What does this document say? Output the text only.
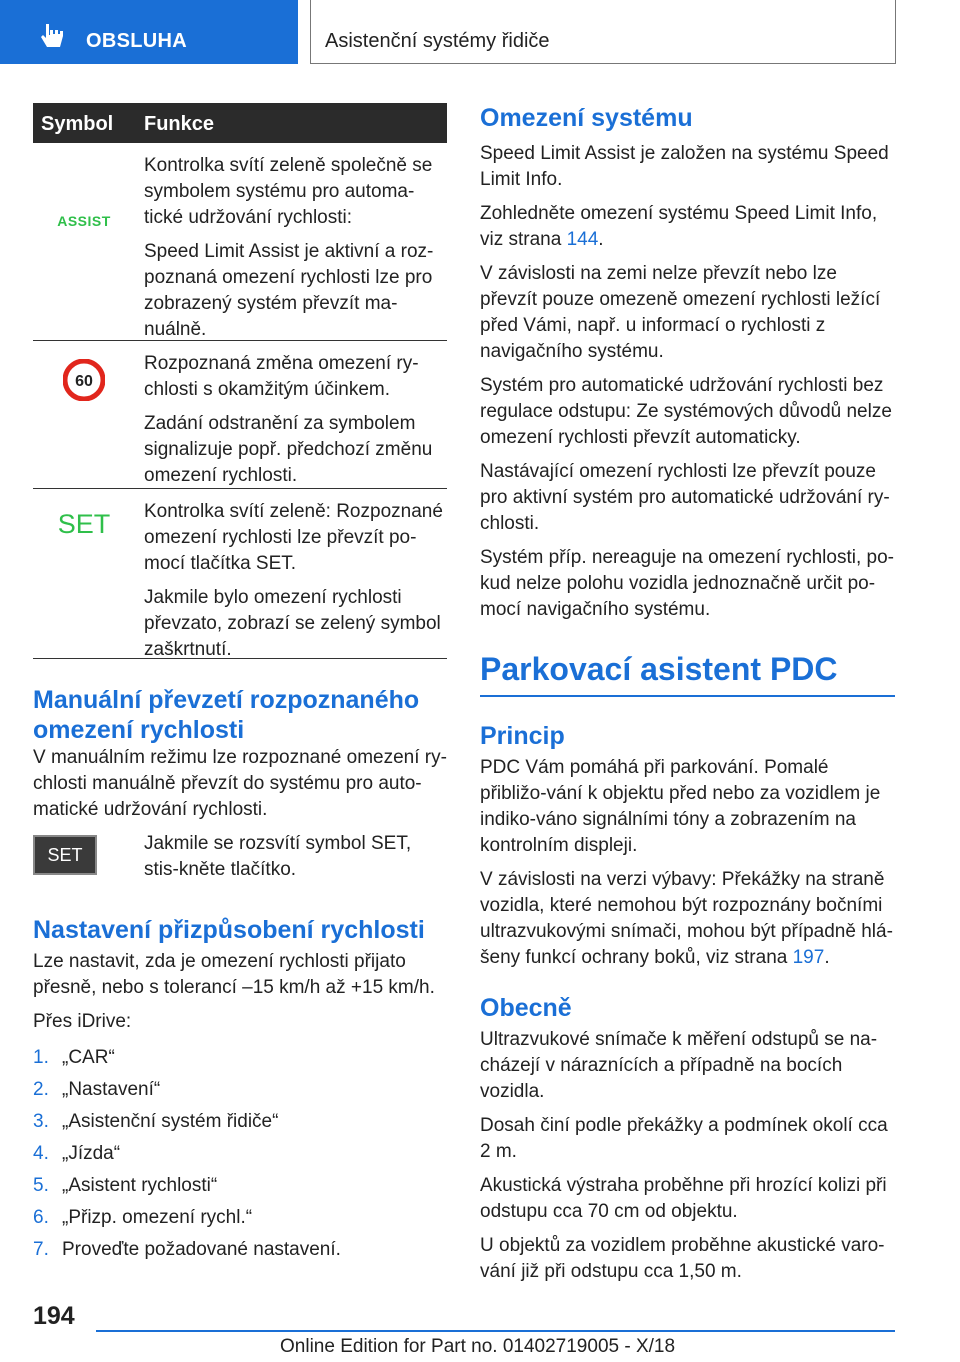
OBSLUHA	Asistenční systémy řidiče
Symbol Funkce
ASSIST

Kontrolka svítí zeleně společně se symbolem systému pro automa-tické udržování rychlosti:

Speed Limit Assist je aktivní a roz-poznaná omezení rychlosti lze pro zobrazený systém převzít ma-nuálně.

60

Rozpoznaná změna omezení ry-chlosti s okamžitým účinkem.

Zadání odstranění za symbolem signalizuje popř. předchozí změnu omezení rychlosti.

SET	Kontrolka svítí zeleně: Rozpoznané omezení rychlosti lze převzít po-mocí tlačítka SET.

Jakmile bylo omezení rychlosti převzato, zobrazí se zelený symbol zaškrtnutí.

Manuální převzetí rozpoznaného omezení rychlosti

V manuálním režimu lze rozpoznané omezení ry-chlosti manuálně převzít do systému pro auto-matické udržování rychlosti.

SET
Jakmile se rozsvítí symbol SET, stis-kněte tlačítko.
Nastavení přizpůsobení rychlosti

Lze nastavit, zda je omezení rychlosti přijato přesně, nebo s tolerancí –15 km/h až +15 km/h.

Přes iDrive:

1. „CAR“
2. „Nastavení“
3. „Asistenční systém řidiče“
4. „Jízda“
5. „Asistent rychlosti“
6. „Přizp. omezení rychl.“
7. Proveďte požadované nastavení.
Omezení systému

Speed Limit Assist je založen na systému Speed Limit Info.

Zohledněte omezení systému Speed Limit Info, viz strana 144.

V závislosti na zemi nelze převzít nebo lze převzít pouze omezeně omezení rychlosti ležící před Vámi, např. u informací o rychlosti z navigačního systému.

Systém pro automatické udržování rychlosti bez regulace odstupu: Ze systémových důvodů nelze omezení rychlosti převzít automaticky.

Nastávající omezení rychlosti lze převzít pouze pro aktivní systém pro automatické udržování ry-chlosti.

Systém příp. nereaguje na omezení rychlosti, po-kud nelze polohu vozidla jednoznačně určit po-mocí navigačního systému.

Parkovací asistent PDC
Princip

PDC Vám pomáhá při parkování. Pomalé přibližo-vání k objektu před nebo za vozidlem je indiko-váno signálními tóny a zobrazením na kontrolním displeji.

V závislosti na verzi výbavy: Překážky na straně vozidla, které nemohou být rozpoznány bočními ultrazvukovými snímači, mohou být případně hlá-šeny funkcí ochrany boků, viz strana 197.

Obecně

Ultrazvukové snímače k měření odstupů se na-cházejí v náraznících a případně na bocích vozidla.

Dosah činí podle překážky a podmínek okolí cca 2 m.

Akustická výstraha proběhne při hrozící kolizi při odstupu cca 70 cm od objektu.

U objektů za vozidlem proběhne akustické varo-vání již při odstupu cca 1,50 m.

194
Online Edition for Part no. 01402719005 - X/18
